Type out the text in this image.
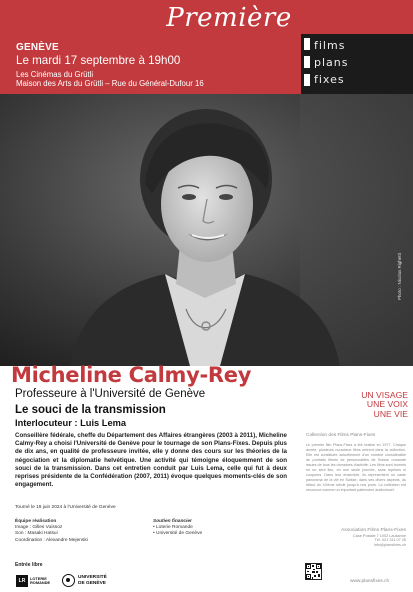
Première
GENÈVE
Le mardi 17 septembre à 19h00
Les Cinémas du Grütli
Maison des Arts du Grütli – Rue du Général-Dufour 16
films
plans
fixes
Photo : Nicolas Righetti
Micheline Calmy-Rey
Professeure à l'Université de Genève
Le souci de la transmission
Interlocuteur : Luis Lema
Conseillère fédérale, cheffe du Département des Affaires étrangères (2003 à 2011), Micheline Calmy-Rey a choisi l'Université de Genève pour le tournage de son Plans-Fixes. Depuis plus de dix ans, en qualité de professeure invitée, elle y donne des cours sur les théories de la négociation et la diplomatie helvétique. Une activité qui témoigne éloquemment de son souci de la transmission. Dans cet entretien conduit par Luis Lema, celle qui fut à deux reprises présidente de la Confédération (2007, 2011) évoque quelques moments-clés de son engagement.
Tourné le 19 juin 2024 à l'Université de Genève
Équipe réalisation
Image : Gilles Vuissoz
Son : Masaki Hatsui
Coordination : Alexandre Mejenski
Soutien financier
• Loterie Romande
• Université de Genève
Entrée libre
LR	LOTERIE
ROMANDE
UNIVERSITÉ
DE GENÈVE
UN VISAGE
UNE VOIX
UNE VIE
Collection des Films Plans-Fixes
Le premier film Plans-Fixes a été réalisé en 1977. Chaque année, plusieurs nouveaux films entrent dans la collection. Elle est constituée actuellement d'un nombre considérable de portraits filmés de personnalités de Suisse romande issues de tous les domaines d'activité. Les films sont tournés en un seul lieu, en une seule journée, sans reprises ni coupures. Dans leur ensemble, ils représentent un vaste panorama de la vie en Suisse, dans ses divers aspects, du début du XXème siècle jusqu'à nos jours. La collection est reconnue comme un important patrimoine audiovisuel.
Association Films Plans-Fixes
Case Postale 7 1002 Lausanne
Tél. 021 311 07 25
info@plansfixes.ch
www.plansfixes.ch
